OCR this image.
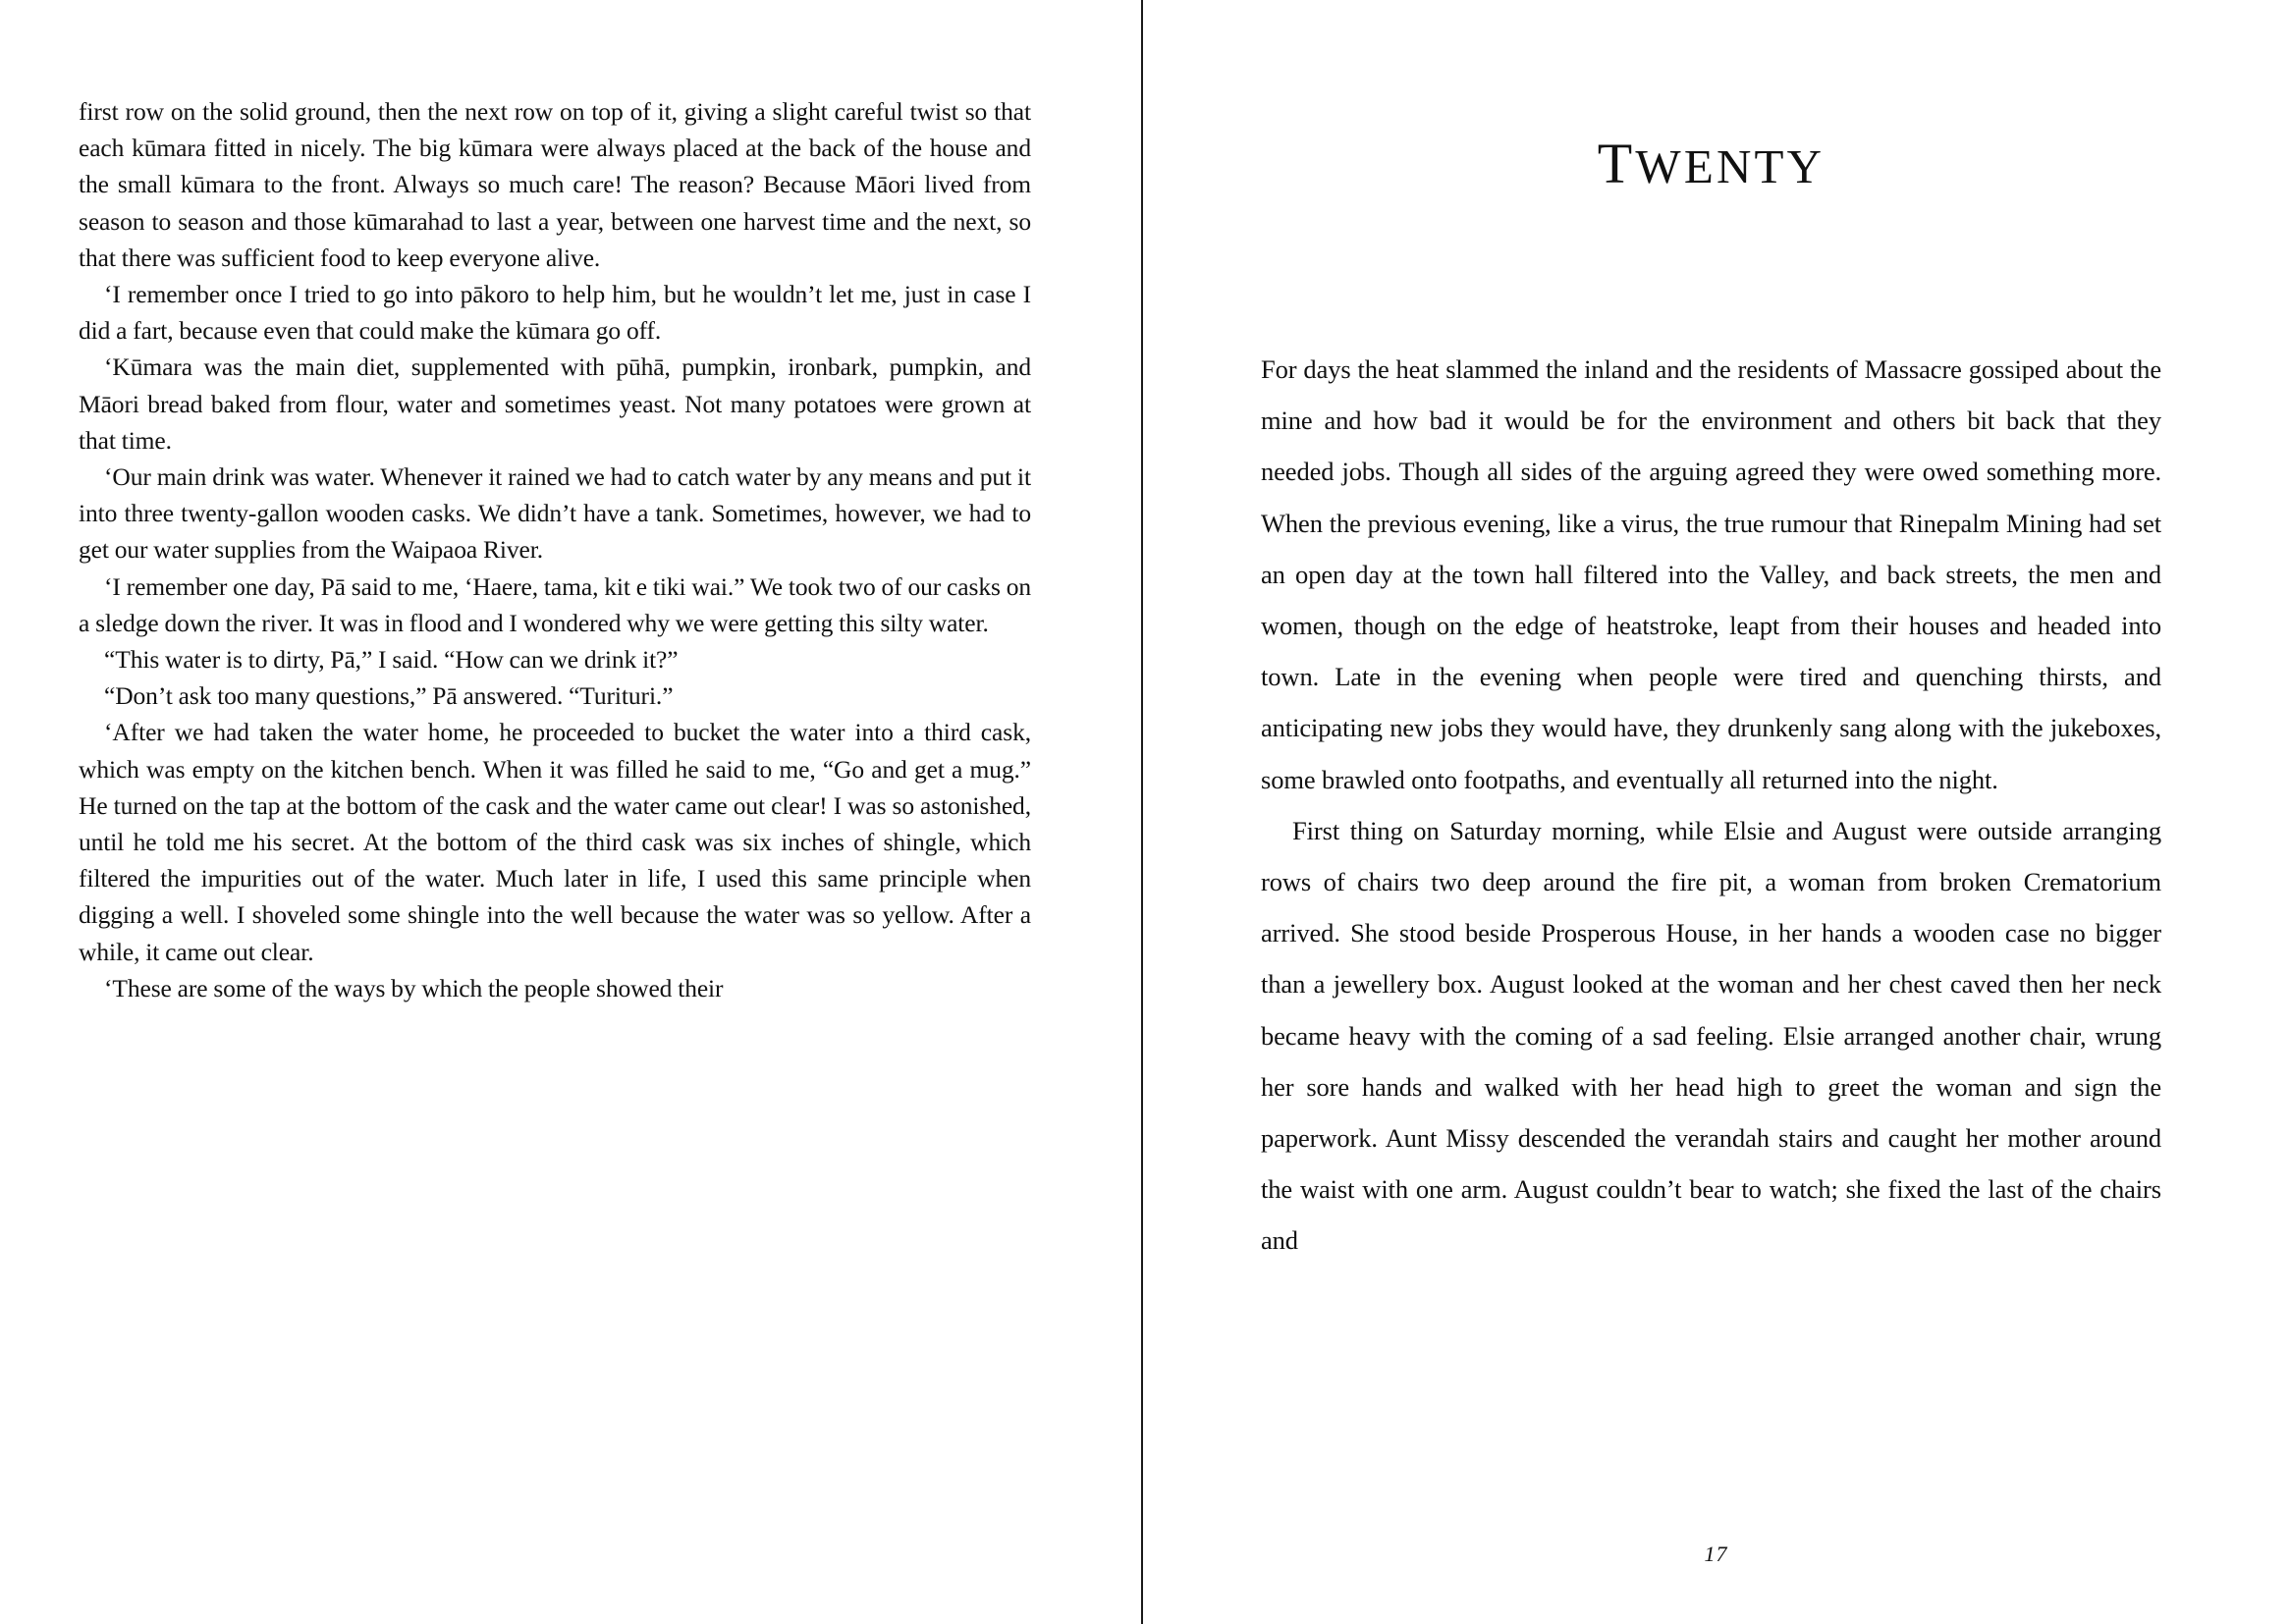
first row on the solid ground, then the next row on top of it, giving a slight careful twist so that each kūmara fitted in nicely. The big kūmara were always placed at the back of the house and the small kūmara to the front. Always so much care! The reason? Because Māori lived from season to season and those kūmarahad to last a year, between one harvest time and the next, so that there was sufficient food to keep everyone alive.

‘I remember once I tried to go into pākoro to help him, but he wouldn’t let me, just in case I did a fart, because even that could make the kūmara go off.

‘Kūmara was the main diet, supplemented with pūhā, pumpkin, ironbark, pumpkin, and Māori bread baked from flour, water and sometimes yeast. Not many potatoes were grown at that time.

‘Our main drink was water. Whenever it rained we had to catch water by any means and put it into three twenty-gallon wooden casks. We didn’t have a tank. Sometimes, however, we had to get our water supplies from the Waipaoa River.

‘I remember one day, Pā said to me, ‘Haere, tama, kit e tiki wai.” We took two of our casks on a sledge down the river. It was in flood and I wondered why we were getting this silty water.

“This water is to dirty, Pā,” I said. “How can we drink it?”

“Don’t ask too many questions,” Pā answered. “Turituri.”

‘After we had taken the water home, he proceeded to bucket the water into a third cask, which was empty on the kitchen bench. When it was filled he said to me, “Go and get a mug.” He turned on the tap at the bottom of the cask and the water came out clear! I was so astonished, until he told me his secret. At the bottom of the third cask was six inches of shingle, which filtered the impurities out of the water. Much later in life, I used this same principle when digging a well. I shoveled some shingle into the well because the water was so yellow. After a while, it came out clear.

‘These are some of the ways by which the people showed their

TWENTY

For days the heat slammed the inland and the residents of Massacre gossiped about the mine and how bad it would be for the environment and others bit back that they needed jobs. Though all sides of the arguing agreed they were owed something more. When the previous evening, like a virus, the true rumour that Rinepalm Mining had set an open day at the town hall filtered into the Valley, and back streets, the men and women, though on the edge of heatstroke, leapt from their houses and headed into town. Late in the evening when people were tired and quenching thirsts, and anticipating new jobs they would have, they drunkenly sang along with the jukeboxes, some brawled onto footpaths, and eventually all returned into the night.

First thing on Saturday morning, while Elsie and August were outside arranging rows of chairs two deep around the fire pit, a woman from broken Crematorium arrived. She stood beside Prosperous House, in her hands a wooden case no bigger than a jewellery box. August looked at the woman and her chest caved then her neck became heavy with the coming of a sad feeling. Elsie arranged another chair, wrung her sore hands and walked with her head high to greet the woman and sign the paperwork. Aunt Missy descended the verandah stairs and caught her mother around the waist with one arm. August couldn’t bear to watch; she fixed the last of the chairs and

17
